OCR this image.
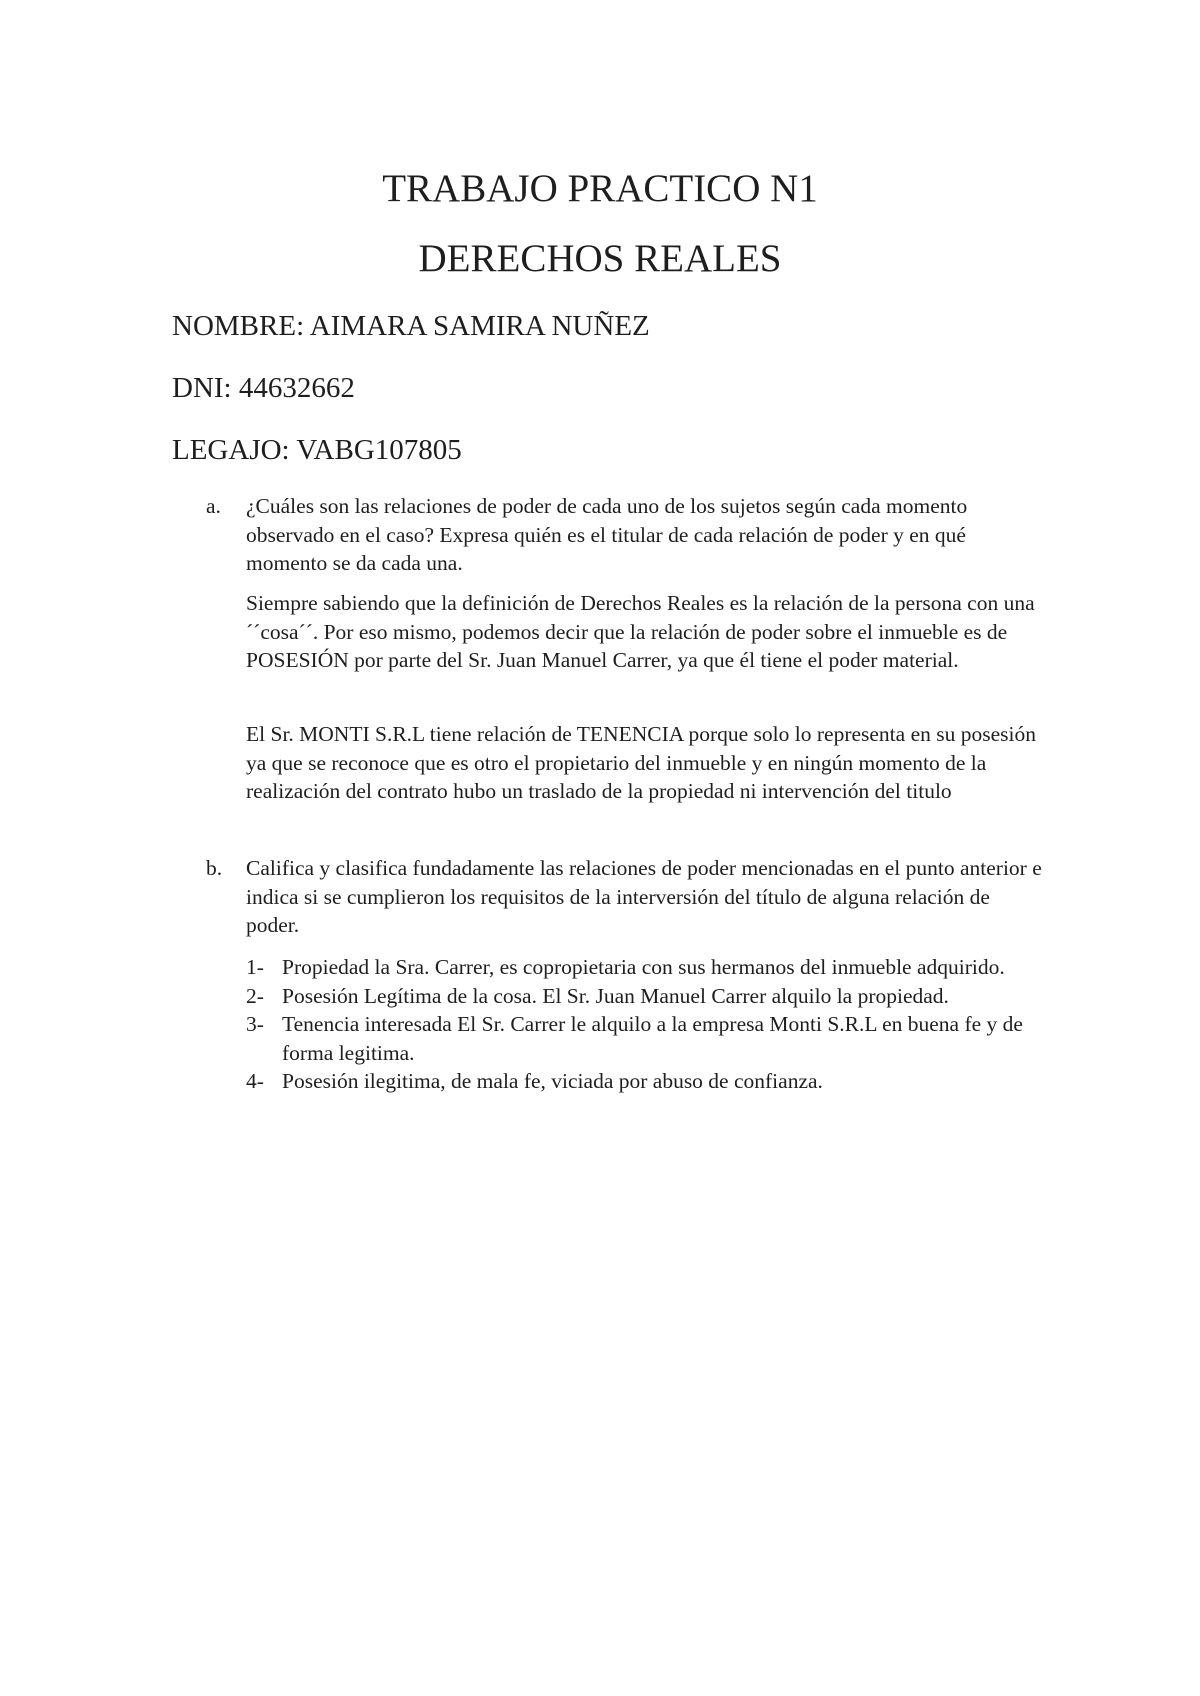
TRABAJO PRACTICO N1
DERECHOS REALES

NOMBRE: AIMARA SAMIRA NUÑEZ

DNI: 44632662

LEGAJO: VABG107805

a.	¿Cuáles son las relaciones de poder de cada uno de los sujetos según cada momento observado en el caso? Expresa quién es el titular de cada relación de poder y en qué momento se da cada una.

Siempre sabiendo que la definición de Derechos Reales es la relación de la persona con una ´´cosa´´. Por eso mismo, podemos decir que la relación de poder sobre el inmueble es de POSESIÓN por parte del Sr. Juan Manuel Carrer, ya que él tiene el poder material.

El Sr. MONTI S.R.L tiene relación de TENENCIA porque solo lo representa en su posesión ya que se reconoce que es otro el propietario del inmueble y en ningún momento de la realización del contrato hubo un traslado de la propiedad ni intervención del titulo

b.	Califica y clasifica fundadamente las relaciones de poder mencionadas en el punto anterior e indica si se cumplieron los requisitos de la interversión del título de alguna relación de poder.

1- Propiedad la Sra. Carrer, es copropietaria con sus hermanos del inmueble adquirido.
2- Posesión Legítima de la cosa. El Sr. Juan Manuel Carrer alquilo la propiedad.
3- Tenencia interesada El Sr. Carrer le alquilo a la empresa Monti S.R.L en buena fe y de forma legitima.
4- Posesión ilegitima, de mala fe, viciada por abuso de confianza.
